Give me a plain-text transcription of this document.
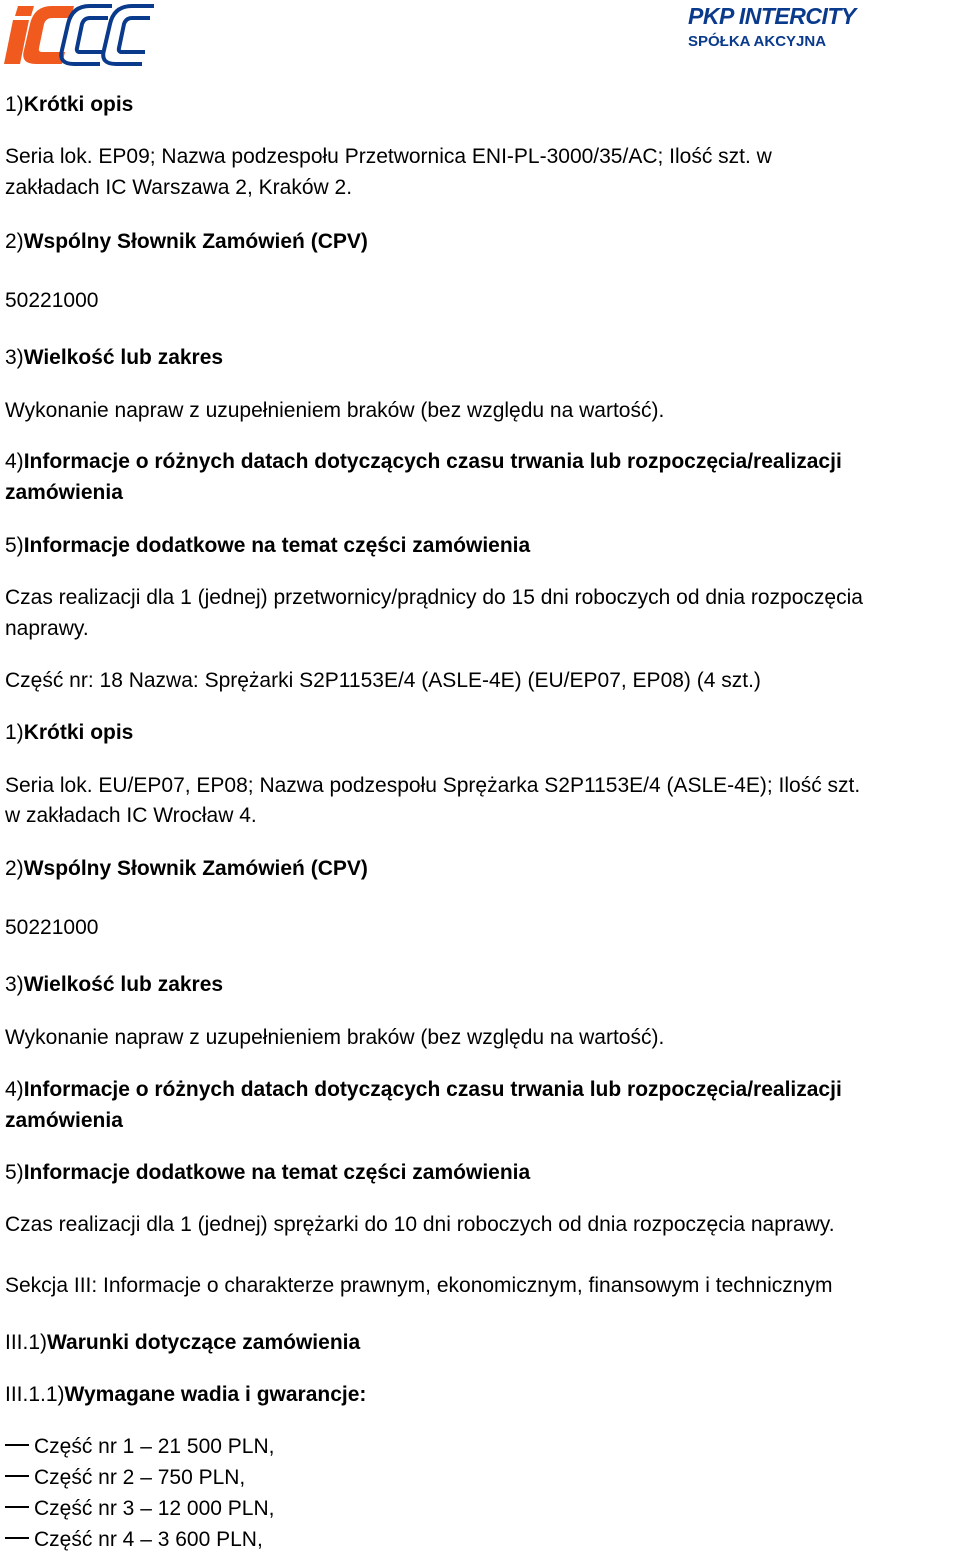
PKP INTERCITY
SPÓŁKA AKCYJNA
1)Krótki opis
Seria lok. EP09; Nazwa podzespołu Przetwornica ENI-PL-3000/35/AC; Ilość szt. w
zakładach IC Warszawa 2, Kraków 2.
2)Wspólny Słownik Zamówień (CPV)
50221000
3)Wielkość lub zakres
Wykonanie napraw z uzupełnieniem braków (bez względu na wartość).
4)Informacje o różnych datach dotyczących czasu trwania lub rozpoczęcia/realizacji
zamówienia
5)Informacje dodatkowe na temat części zamówienia
Czas realizacji dla 1 (jednej) przetwornicy/prądnicy do 15 dni roboczych od dnia rozpoczęcia
naprawy.
Część nr: 18 Nazwa: Sprężarki S2P1153E/4 (ASLE-4E) (EU/EP07, EP08) (4 szt.)
1)Krótki opis
Seria lok. EU/EP07, EP08; Nazwa podzespołu Sprężarka S2P1153E/4 (ASLE-4E); Ilość szt.
w zakładach IC Wrocław 4.
2)Wspólny Słownik Zamówień (CPV)
50221000
3)Wielkość lub zakres
Wykonanie napraw z uzupełnieniem braków (bez względu na wartość).
4)Informacje o różnych datach dotyczących czasu trwania lub rozpoczęcia/realizacji
zamówienia
5)Informacje dodatkowe na temat części zamówienia
Czas realizacji dla 1 (jednej) sprężarki do 10 dni roboczych od dnia rozpoczęcia naprawy.
Sekcja III: Informacje o charakterze prawnym, ekonomicznym, finansowym i technicznym
III.1)Warunki dotyczące zamówienia
III.1.1)Wymagane wadia i gwarancje:
Część nr 1 – 21 500 PLN,
Część nr 2 – 750 PLN,
Część nr 3 – 12 000 PLN,
Część nr 4 – 3 600 PLN,
